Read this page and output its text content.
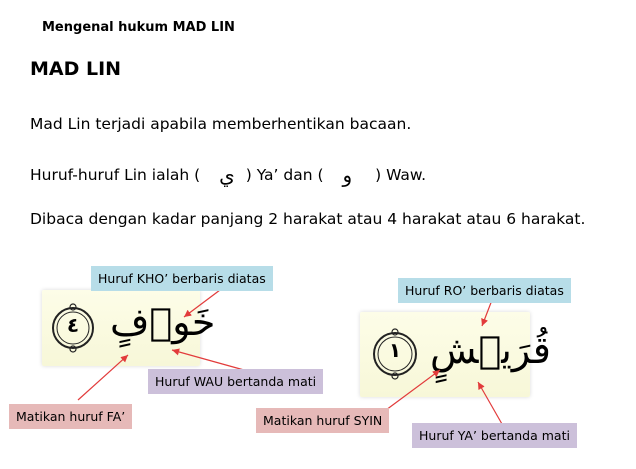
Mengenal hukum MAD LIN
MAD LIN
Mad Lin terjadi apabila memberhentikan bacaan.
Huruf-huruf Lin ialah ( ي ) Ya’ dan ( و ) Waw.
Dibaca dengan kadar panjang 2 harakat atau 4 harakat atau 6 harakat.
٤ خَوۡفٍ
١ قُرَيۡشٍ
Huruf KHO’ berbaris diatas
Huruf WAU bertanda mati
Matikan huruf FA’
Huruf RO’ berbaris diatas
Matikan huruf SYIN
Huruf YA’ bertanda mati
